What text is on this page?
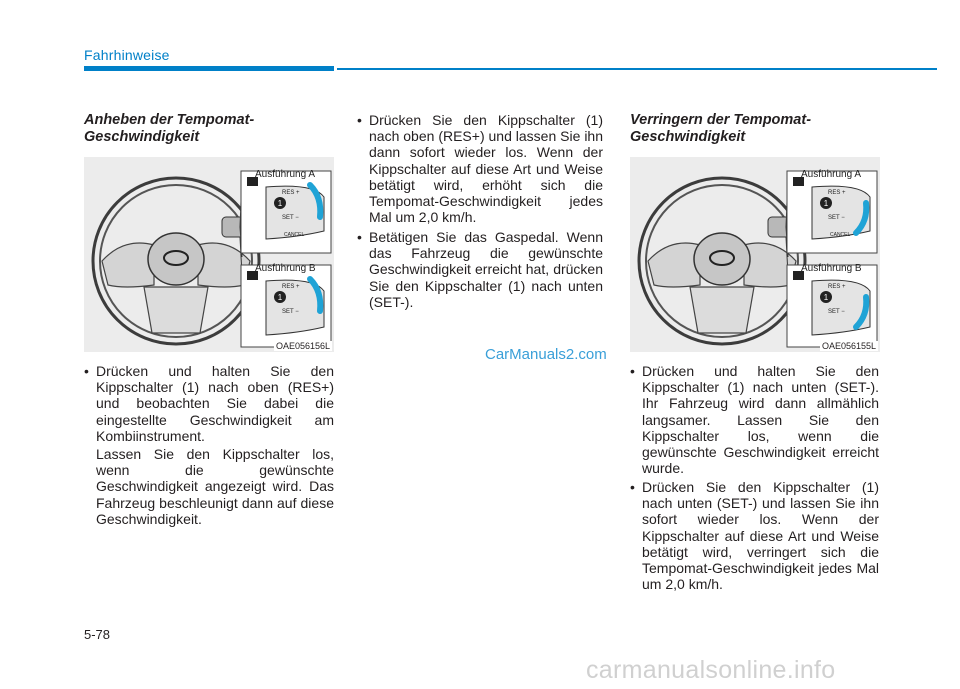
Fahrhinweise
Anheben der Tempomat-Geschwindigkeit
Ausführung A
RES +
SET −
CANCEL
1
Ausführung B
RES +
SET −
1
OAE056156L

• Drücken und halten Sie den Kippschalter (1) nach oben (RES+) und beobachten Sie dabei die eingestellte Geschwindigkeit am Kombiinstrument.

Lassen Sie den Kippschalter los, wenn die gewünschte Geschwindigkeit angezeigt wird. Das Fahrzeug beschleunigt dann auf diese Geschwindigkeit.

• Drücken Sie den Kippschalter (1) nach oben (RES+) und lassen Sie ihn dann sofort wieder los. Wenn der Kippschalter auf diese Art und Weise betätigt wird, erhöht sich die Tempomat-Geschwindigkeit jedes Mal um 2,0 km/h.

• Betätigen Sie das Gaspedal. Wenn das Fahrzeug die gewünschte Geschwindigkeit erreicht hat, drücken Sie den Kippschalter (1) nach unten (SET-).

Verringern der Tempomat-Geschwindigkeit
Ausführung A
RES +
SET −
CANCEL
1
Ausführung B
RES +
SET −
1
OAE056155L

• Drücken und halten Sie den Kippschalter (1) nach unten (SET-). Ihr Fahrzeug wird dann allmählich langsamer. Lassen Sie den Kippschalter los, wenn die gewünschte Geschwindigkeit erreicht wurde.

• Drücken Sie den Kippschalter (1) nach unten (SET-) und lassen Sie ihn sofort wieder los. Wenn der Kippschalter auf diese Art und Weise betätigt wird, verringert sich die Tempomat-Geschwindigkeit jedes Mal um 2,0 km/h.

CarManuals2.com
5-78
carmanualsonline.info
